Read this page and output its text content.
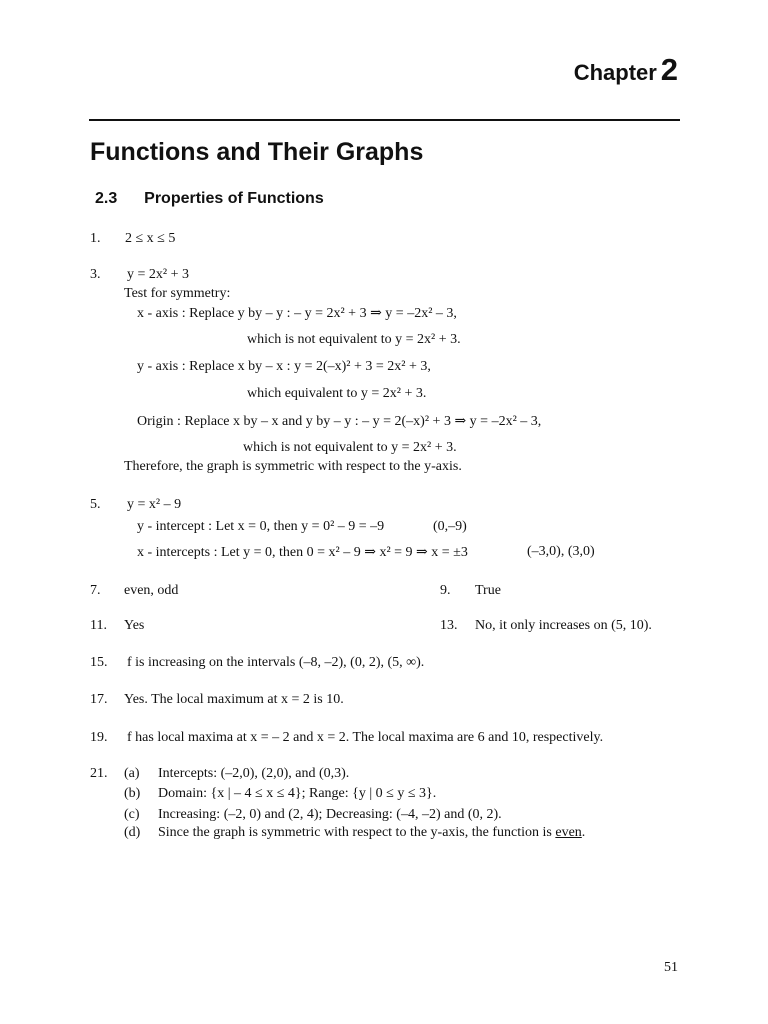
Chapter 2
Functions and Their Graphs
2.3 Properties of Functions
1.	2 ≤ x ≤ 5
3.	y = 2x² + 3
Test for symmetry:
x - axis : Replace y by – y : – y = 2x² + 3 ⇒ y = –2x² – 3,
which is not equivalent to y = 2x² + 3.
y - axis : Replace x by – x : y = 2(–x)² + 3 = 2x² + 3,
which equivalent to y = 2x² + 3.
Origin : Replace x by – x and y by – y : – y = 2(–x)² + 3 ⇒ y = –2x² – 3,
which is not equivalent to y = 2x² + 3.
Therefore, the graph is symmetric with respect to the y-axis.
5.	y = x² – 9
y - intercept : Let x = 0, then y = 0² – 9 = –9	(0,–9)
x - intercepts : Let y = 0, then 0 = x² – 9 ⇒ x² = 9 ⇒ x = ±3	(–3,0), (3,0)
7.	even, odd	9.	True
11.	Yes	13.	No, it only increases on (5, 10).
15.	f is increasing on the intervals (–8, –2), (0, 2), (5, ∞).
17.	Yes. The local maximum at x = 2 is 10.
19.	f has local maxima at x = – 2 and x = 2. The local maxima are 6 and 10, respectively.
21.	(a) Intercepts: (–2,0), (2,0), and (0,3).
(b) Domain: {x | – 4 ≤ x ≤ 4}; Range: {y | 0 ≤ y ≤ 3}.
(c) Increasing: (–2, 0) and (2, 4); Decreasing: (–4, –2) and (0, 2).
(d) Since the graph is symmetric with respect to the y-axis, the function is even.
51
